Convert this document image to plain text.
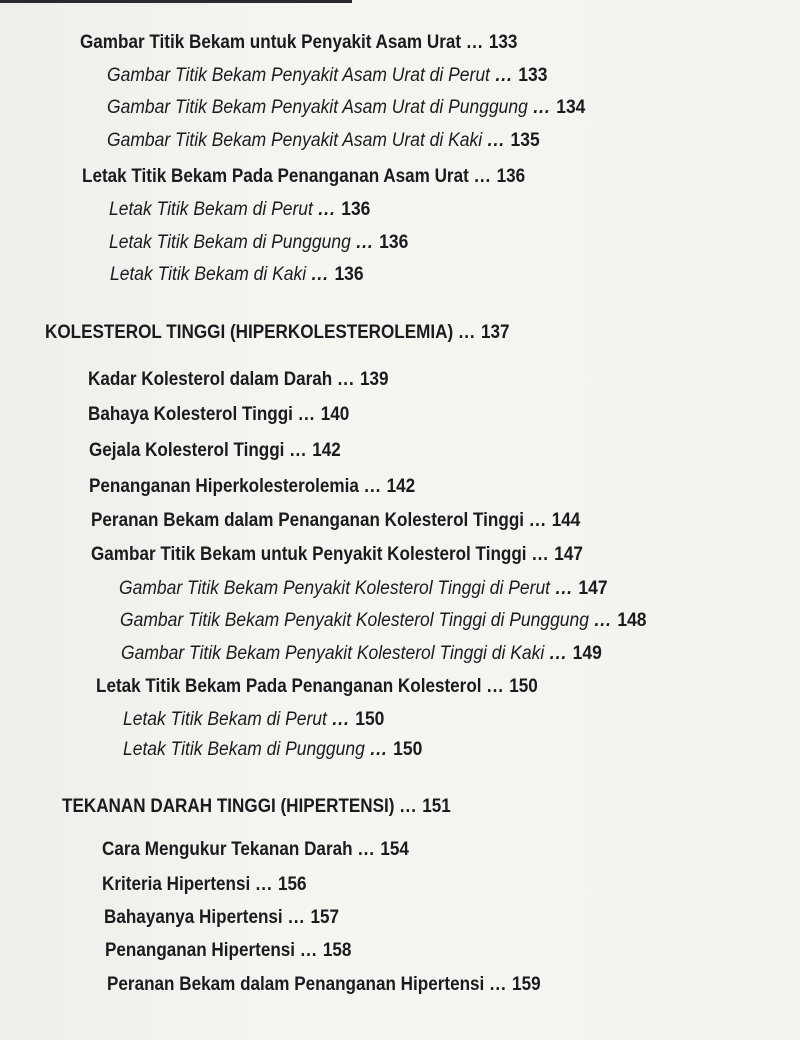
Gambar Titik Bekam untuk Penyakit Asam Urat ... 133
Gambar Titik Bekam Penyakit Asam Urat di Perut ... 133
Gambar Titik Bekam Penyakit Asam Urat di Punggung ... 134
Gambar Titik Bekam Penyakit Asam Urat di Kaki ... 135
Letak Titik Bekam Pada Penanganan Asam Urat ... 136
Letak Titik Bekam di Perut ... 136
Letak Titik Bekam di Punggung ... 136
Letak Titik Bekam di Kaki ... 136
KOLESTEROL TINGGI (HIPERKOLESTEROLEMIA) ... 137
Kadar Kolesterol dalam Darah ... 139
Bahaya Kolesterol Tinggi ... 140
Gejala Kolesterol Tinggi ... 142
Penanganan Hiperkolesterolemia ... 142
Peranan Bekam dalam Penanganan Kolesterol Tinggi ... 144
Gambar Titik Bekam untuk Penyakit Kolesterol Tinggi ... 147
Gambar Titik Bekam Penyakit Kolesterol Tinggi di Perut ... 147
Gambar Titik Bekam Penyakit Kolesterol Tinggi di Punggung ... 148
Gambar Titik Bekam Penyakit Kolesterol Tinggi di Kaki ... 149
Letak Titik Bekam Pada Penanganan Kolesterol ... 150
Letak Titik Bekam di Perut ... 150
Letak Titik Bekam di Punggung ... 150
TEKANAN DARAH TINGGI (HIPERTENSI) ... 151
Cara Mengukur Tekanan Darah ... 154
Kriteria Hipertensi ... 156
Bahayanya Hipertensi ... 157
Penanganan Hipertensi ... 158
Peranan Bekam dalam Penanganan Hipertensi ... 159
